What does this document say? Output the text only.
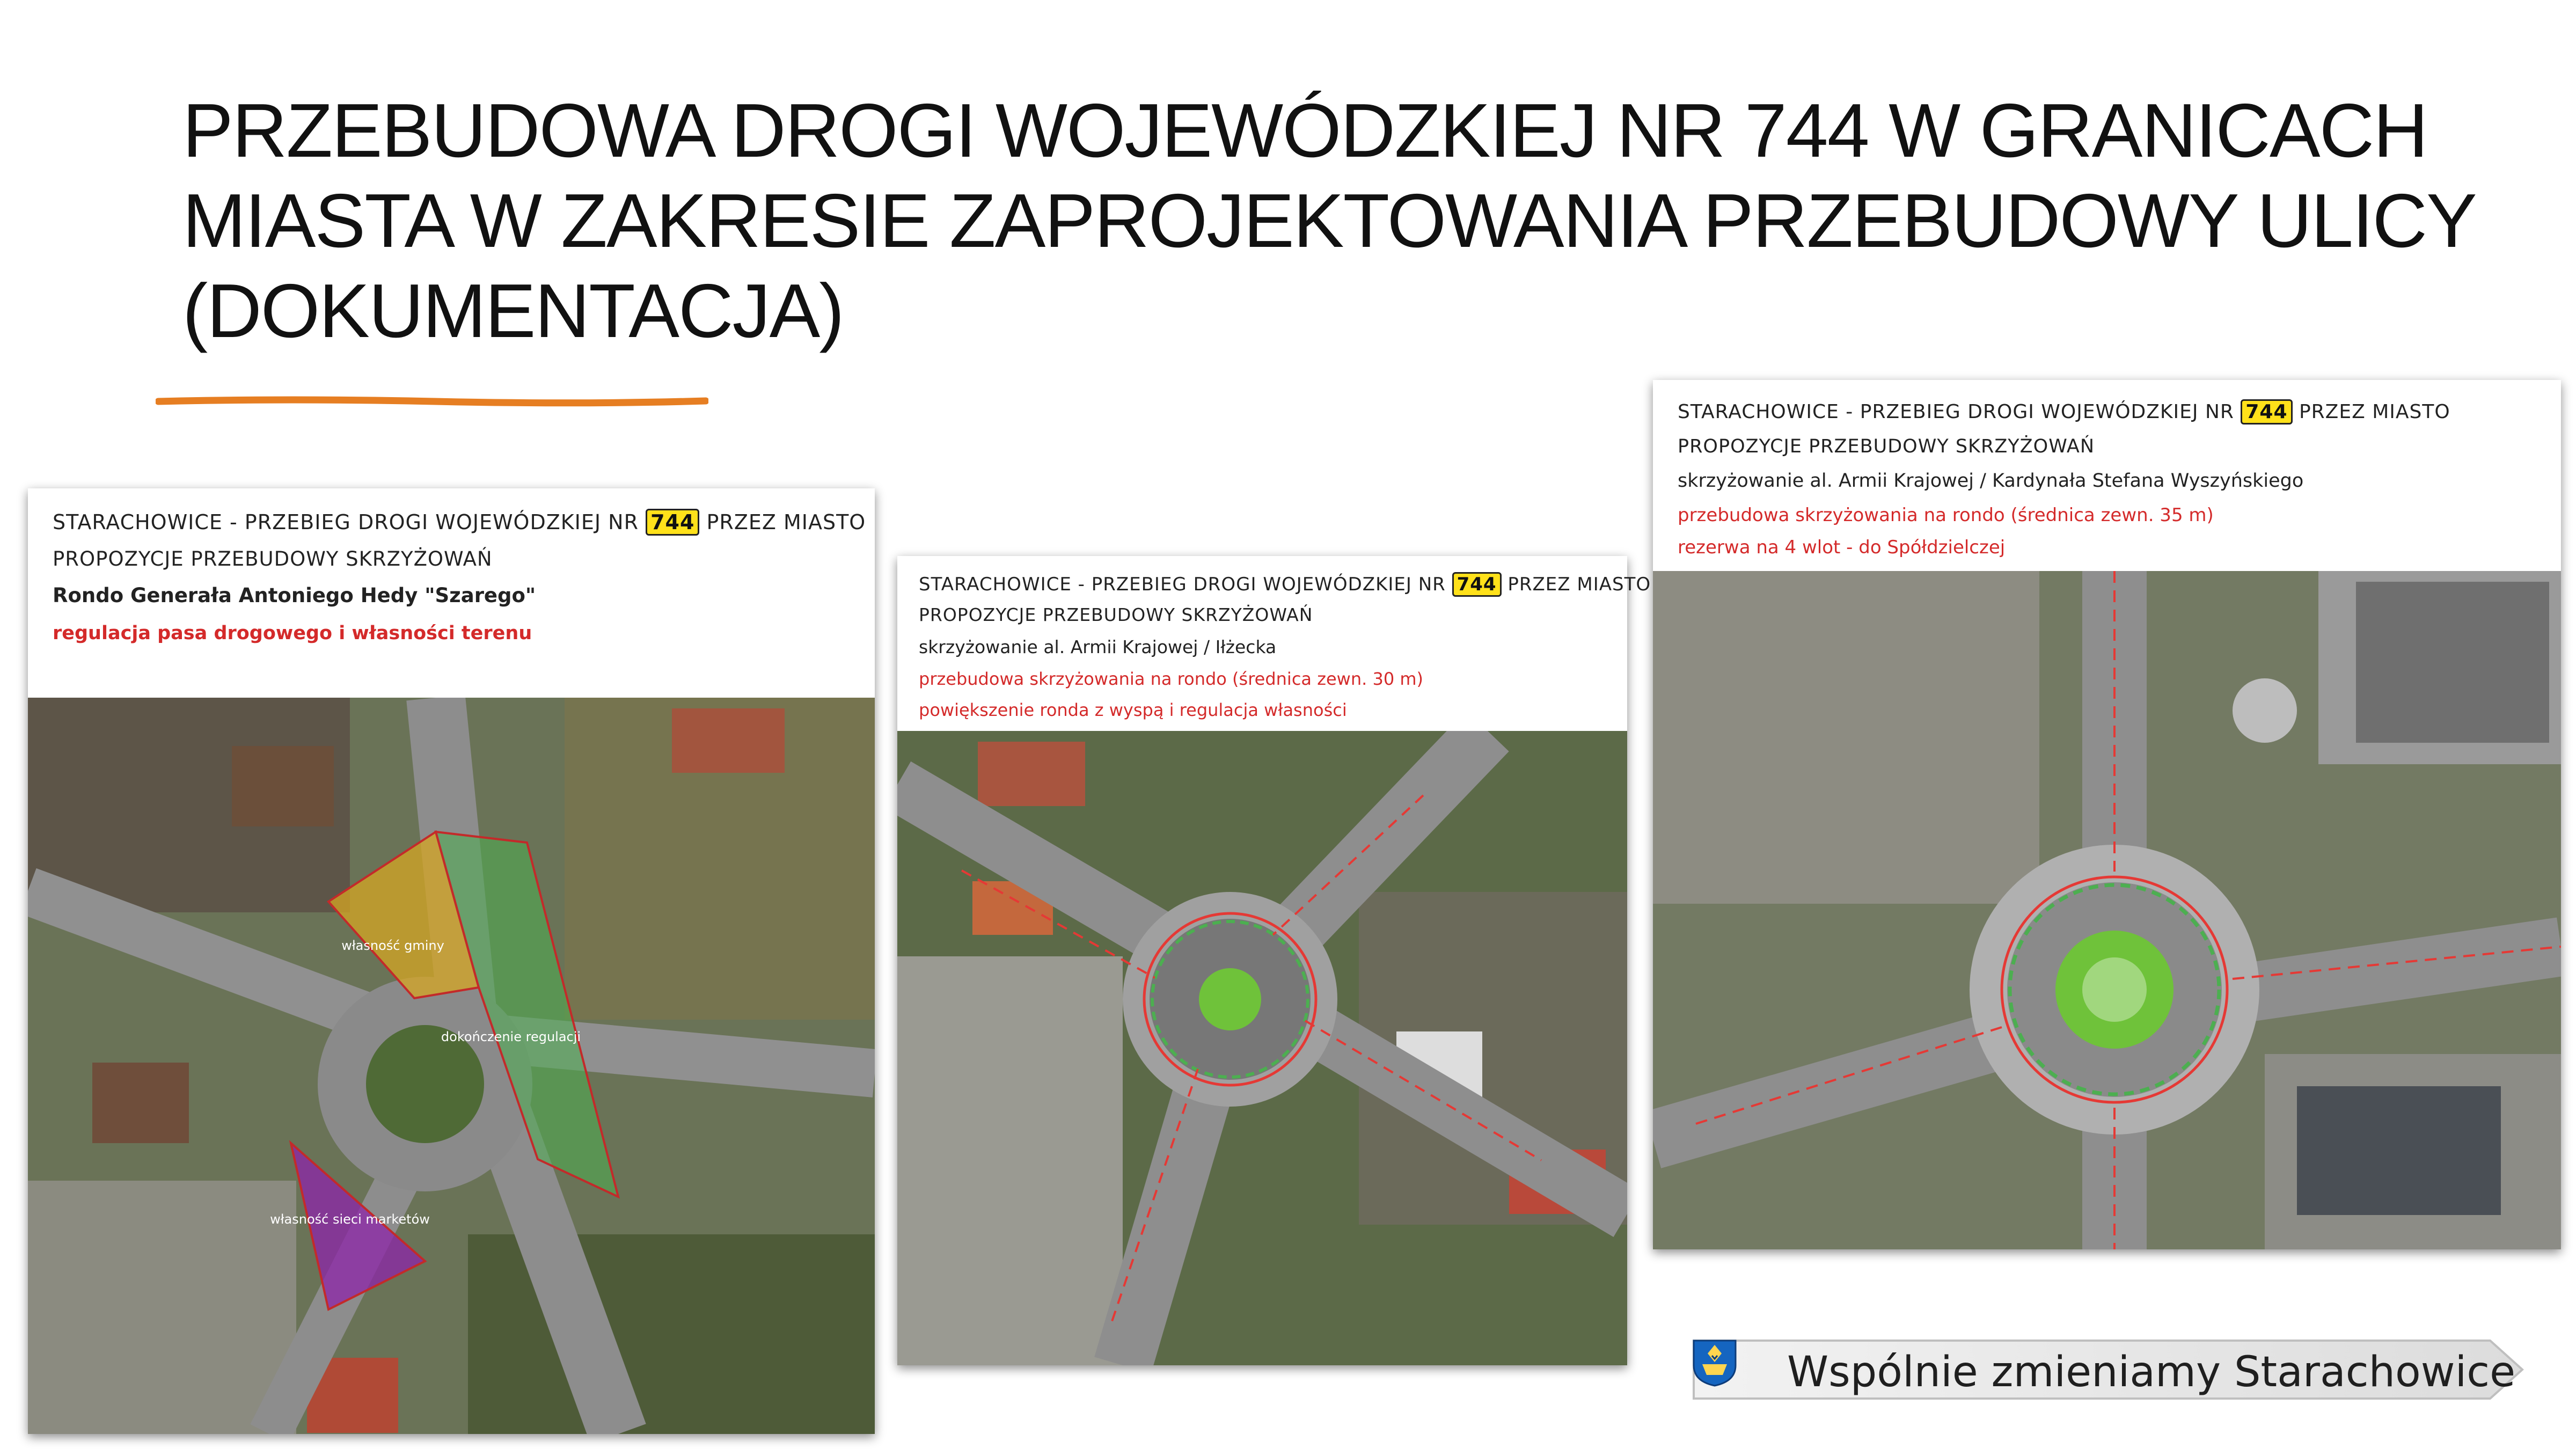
PRZEBUDOWA DROGI WOJEWÓDZKIEJ NR 744 W GRANICACH
MIASTA W ZAKRESIE ZAPROJEKTOWANIA PRZEBUDOWY ULICY
(DOKUMENTACJA)
STARACHOWICE - PRZEBIEG DROGI WOJEWÓDZKIEJ NR 744 PRZEZ MIASTO
PROPOZYCJE PRZEBUDOWY SKRZYŻOWAŃ
Rondo Generała Antoniego Hedy "Szarego"
regulacja pasa drogowego i własności terenu
własność gminy
dokończenie regulacji
własność sieci marketów
STARACHOWICE - PRZEBIEG DROGI WOJEWÓDZKIEJ NR 744 PRZEZ MIASTO
PROPOZYCJE PRZEBUDOWY SKRZYŻOWAŃ
skrzyżowanie al. Armii Krajowej / Iłżecka
przebudowa skrzyżowania na rondo (średnica zewn. 30 m)
powiększenie ronda z wyspą i regulacja własności
STARACHOWICE - PRZEBIEG DROGI WOJEWÓDZKIEJ NR 744 PRZEZ MIASTO
PROPOZYCJE PRZEBUDOWY SKRZYŻOWAŃ
skrzyżowanie al. Armii Krajowej / Kardynała Stefana Wyszyńskiego
przebudowa skrzyżowania na rondo (średnica zewn. 35 m)
rezerwa na 4 wlot - do Spółdzielczej
Wspólnie zmieniamy Starachowice
